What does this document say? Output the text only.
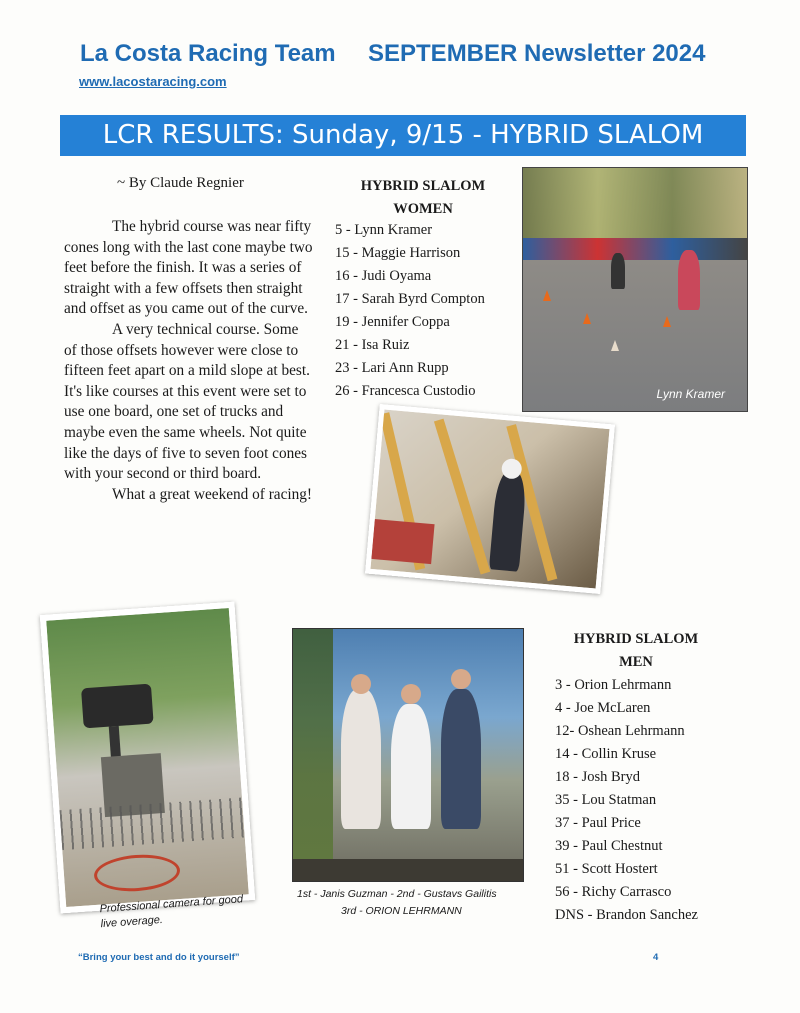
La Costa Racing Team SEPTEMBER Newsletter 2024
www.lacostaracing.com
LCR RESULTS: Sunday, 9/15 - HYBRID SLALOM
~ By Claude Regnier

The hybrid course was near fifty cones long with the last cone maybe two feet before the finish. It was a series of straight with a few offsets then straight and offset as you came out of the curve.

A very technical course. Some of those offsets however were close to fifteen feet apart on a mild slope at best. It's like courses at this event were set to use one board, one set of trucks and maybe even the same wheels. Not quite like the days of five to seven foot cones with your second or third board.

What a great weekend of racing!

HYBRID SLALOM
WOMEN
5 - Lynn Kramer
15 - Maggie Harrison
16 - Judi Oyama
17 - Sarah Byrd Compton
19 - Jennifer Coppa
21 - Isa Ruiz
23 - Lari Ann Rupp
26 - Francesca Custodio	Lynn Kramer
Professional camera for good live overage.
1st - Janis Guzman - 2nd - Gustavs Gailitis
3rd - ORION LEHRMANN
HYBRID SLALOM
MEN
3 - Orion Lehrmann
4 - Joe McLaren
12- Oshean Lehrmann
14 - Collin Kruse
18 - Josh Bryd
35 - Lou Statman
37 - Paul Price
39 - Paul Chestnut
51 - Scott Hostert
56 - Richy Carrasco
DNS - Brandon Sanchez
“Bring your best and do it yourself”	4
